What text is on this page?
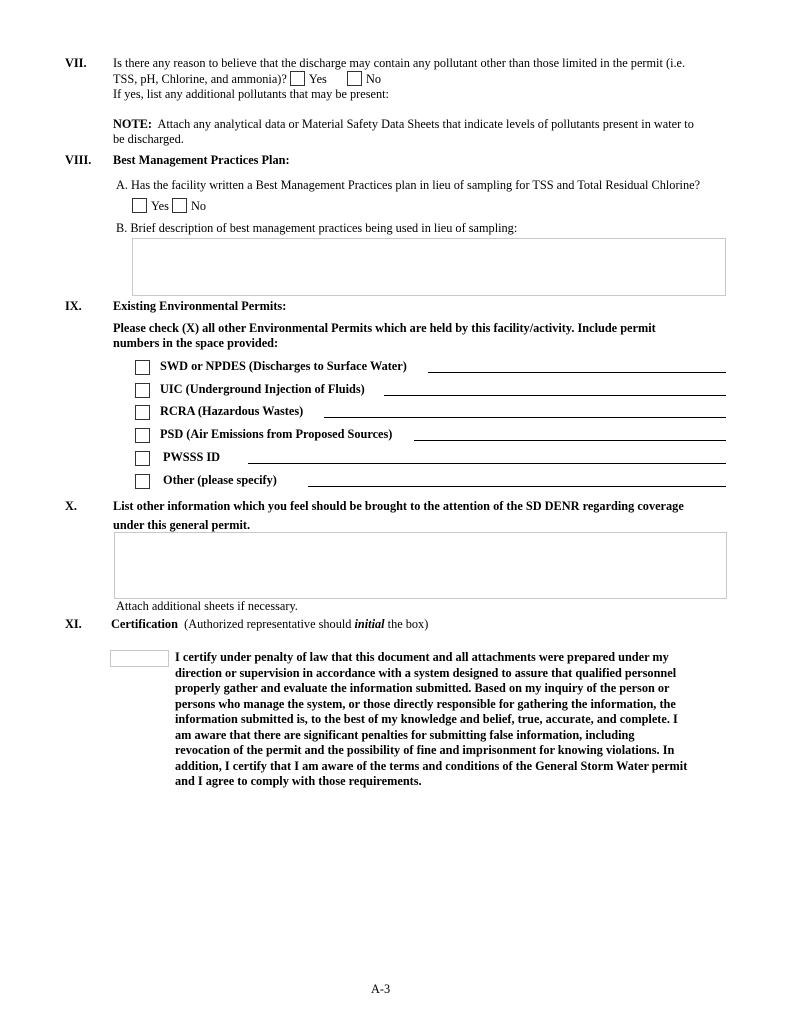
VII. Is there any reason to believe that the discharge may contain any pollutant other than those limited in the permit (i.e.
TSS, pH, Chlorine, and ammonia)? Yes	No
If yes, list any additional pollutants that may be present:
NOTE: Attach any analytical data or Material Safety Data Sheets that indicate levels of pollutants present in water to
be discharged.
VIII. Best Management Practices Plan:
A. Has the facility written a Best Management Practices plan in lieu of sampling for TSS and Total Residual Chlorine?
Yes No
B. Brief description of best management practices being used in lieu of sampling:
IX.	Existing Environmental Permits:
Please check (X) all other Environmental Permits which are held by this facility/activity. Include permit
numbers in the space provided:
SWD or NPDES (Discharges to Surface Water)
UIC (Underground Injection of Fluids)
RCRA (Hazardous Wastes)
PSD (Air Emissions from Proposed Sources)
PWSSS ID
Other (please specify)
X.	List other information which you feel should be brought to the attention of the SD DENR regarding coverage
under this general permit.
Attach additional sheets if necessary.
XI. Certification (Authorized representative should initial the box)
I certify under penalty of law that this document and all attachments were prepared under my
direction or supervision in accordance with a system designed to assure that qualified personnel
properly gather and evaluate the information submitted. Based on my inquiry of the person or
persons who manage the system, or those directly responsible for gathering the information, the
information submitted is, to the best of my knowledge and belief, true, accurate, and complete. I
am aware that there are significant penalties for submitting false information, including
revocation of the permit and the possibility of fine and imprisonment for knowing violations. In
addition, I certify that I am aware of the terms and conditions of the General Storm Water permit
and I agree to comply with those requirements.
A-3
